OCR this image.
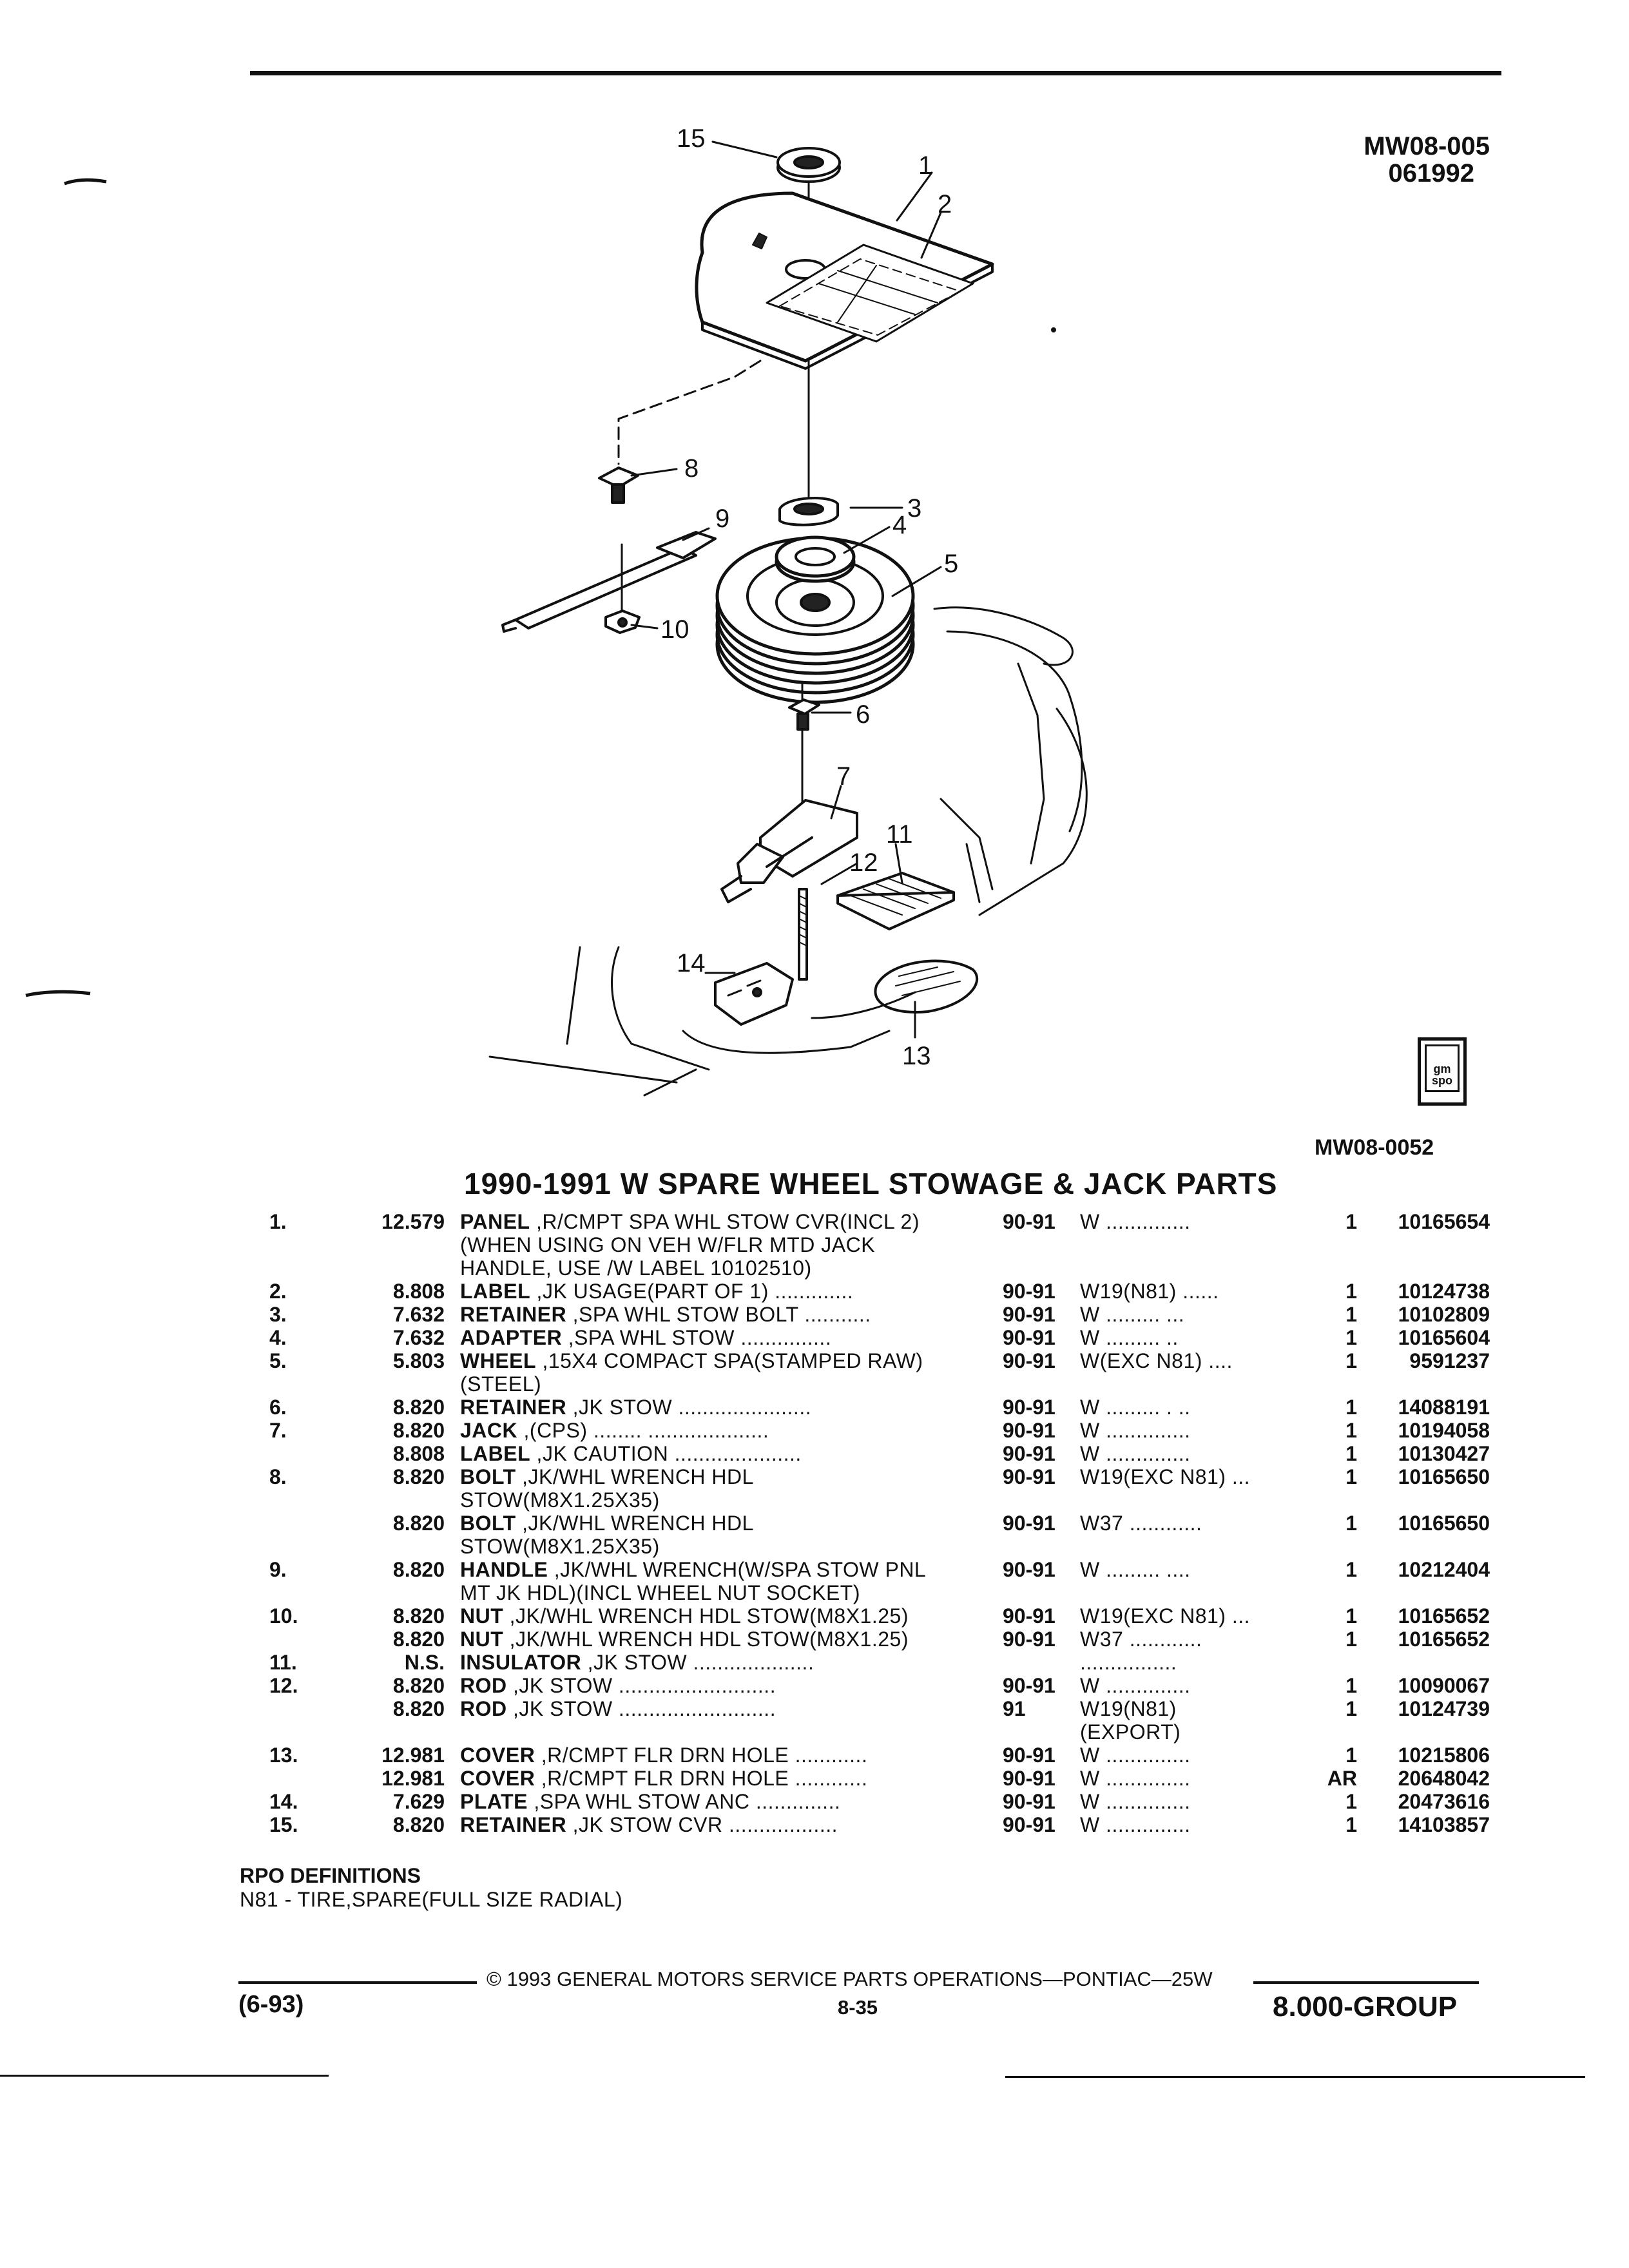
MW08-005
061992
15
1
2
8
9	3
4
5
10
6
7
11
12
14
13	gm spo
MW08-0052
1990-1991 W SPARE WHEEL STOWAGE & JACK PARTS
1.	12.579	PANEL ,R/CMPT SPA WHL STOW CVR(INCL 2)	90-91	W ..............	1	10165654
		(WHEN USING ON VEH W/FLR MTD JACK				
		HANDLE, USE /W LABEL 10102510)				
2.	8.808	LABEL ,JK USAGE(PART OF 1) .............	90-91	W19(N81) ......	1	10124738
3.	7.632	RETAINER ,SPA WHL STOW BOLT ...........	90-91	W ......... ...	1	10102809
4.	7.632	ADAPTER ,SPA WHL STOW ...............	90-91	W ......... ..	1	10165604
5.	5.803	WHEEL ,15X4 COMPACT SPA(STAMPED RAW)	90-91	W(EXC N81) ....	1	9591237
		(STEEL)				
6.	8.820	RETAINER ,JK STOW ......................	90-91	W ......... . ..	1	14088191
7.	8.820	JACK ,(CPS) ........ ....................	90-91	W ..............	1	10194058
	8.808	LABEL ,JK CAUTION .....................	90-91	W ..............	1	10130427
8.	8.820	BOLT ,JK/WHL WRENCH HDL	90-91	W19(EXC N81) ...	1	10165650
		STOW(M8X1.25X35)				
	8.820	BOLT ,JK/WHL WRENCH HDL	90-91	W37 ............	1	10165650
		STOW(M8X1.25X35)				
9.	8.820	HANDLE ,JK/WHL WRENCH(W/SPA STOW PNL	90-91	W ......... ....	1	10212404
		MT JK HDL)(INCL WHEEL NUT SOCKET)				
10.	8.820	NUT ,JK/WHL WRENCH HDL STOW(M8X1.25)	90-91	W19(EXC N81) ...	1	10165652
	8.820	NUT ,JK/WHL WRENCH HDL STOW(M8X1.25)	90-91	W37 ............	1	10165652
11.	N.S.	INSULATOR ,JK STOW ....................		................		
12.	8.820	ROD ,JK STOW ..........................	90-91	W ..............	1	10090067
	8.820	ROD ,JK STOW ..........................	91	W19(N81)	1	10124739
				(EXPORT)		
13.	12.981	COVER ,R/CMPT FLR DRN HOLE ............	90-91	W ..............	1	10215806
	12.981	COVER ,R/CMPT FLR DRN HOLE ............	90-91	W ..............	AR	20648042
14.	7.629	PLATE ,SPA WHL STOW ANC ..............	90-91	W ..............	1	20473616
15.	8.820	RETAINER ,JK STOW CVR ..................	90-91	W ..............	1	14103857
RPO DEFINITIONS
N81 - TIRE,SPARE(FULL SIZE RADIAL)
© 1993 GENERAL MOTORS SERVICE PARTS OPERATIONS—PONTIAC—25W
(6-93)	8-35	8.000-GROUP
